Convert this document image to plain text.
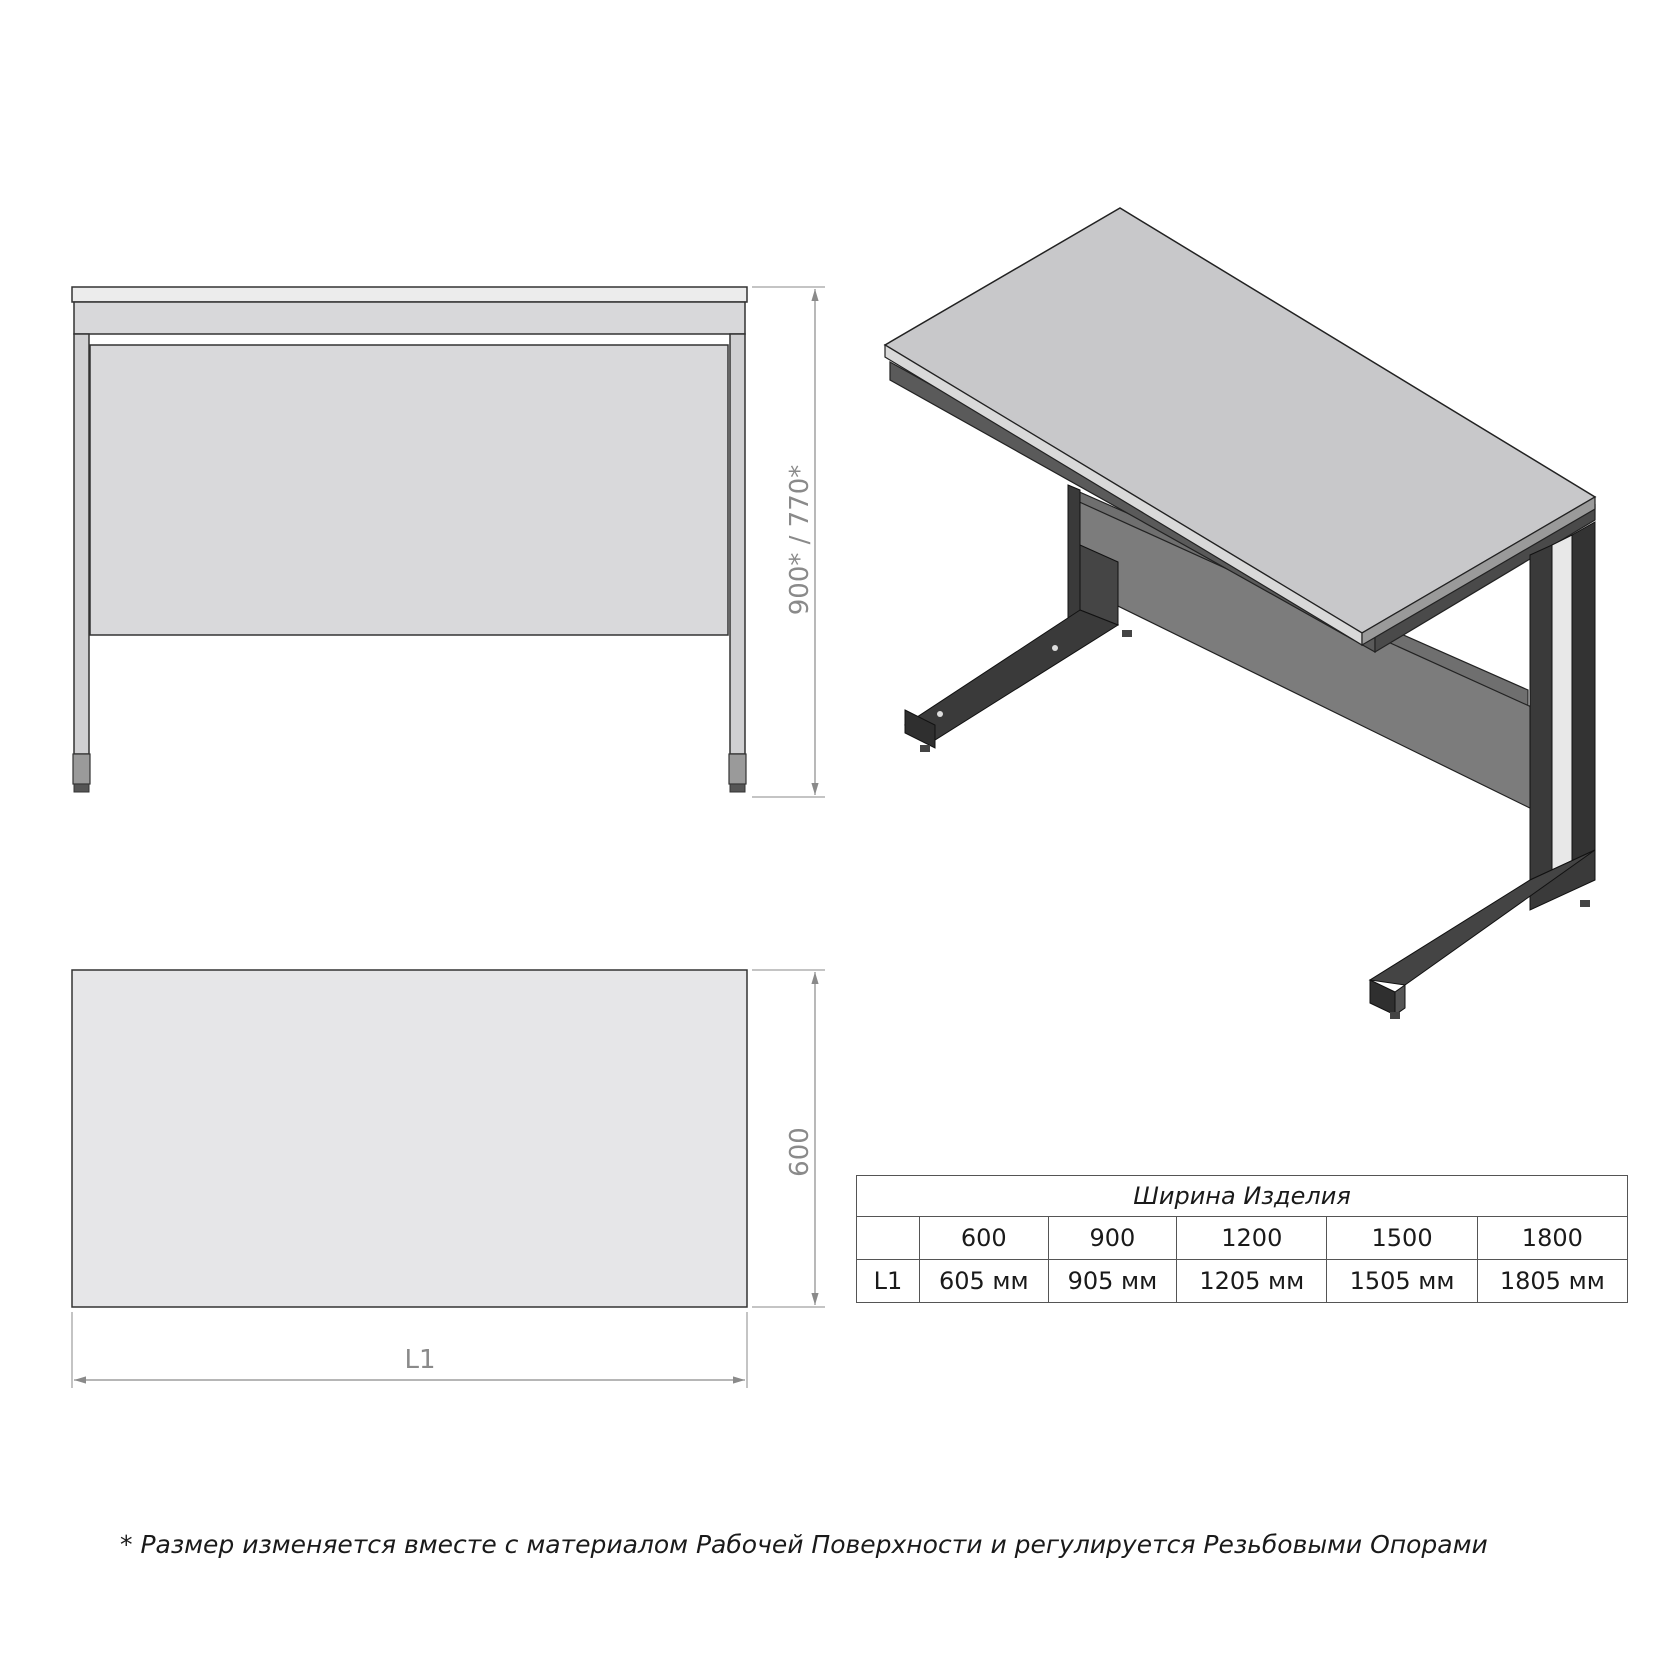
900* / 770*
600
L1
Ширина Изделия					
	600	900	1200	1500	1800
L1	605 мм	905 мм	1205 мм	1505 мм	1805 мм
* Размер изменяется вместе с материалом Рабочей Поверхности и регулируется Резьбовыми Опорами
